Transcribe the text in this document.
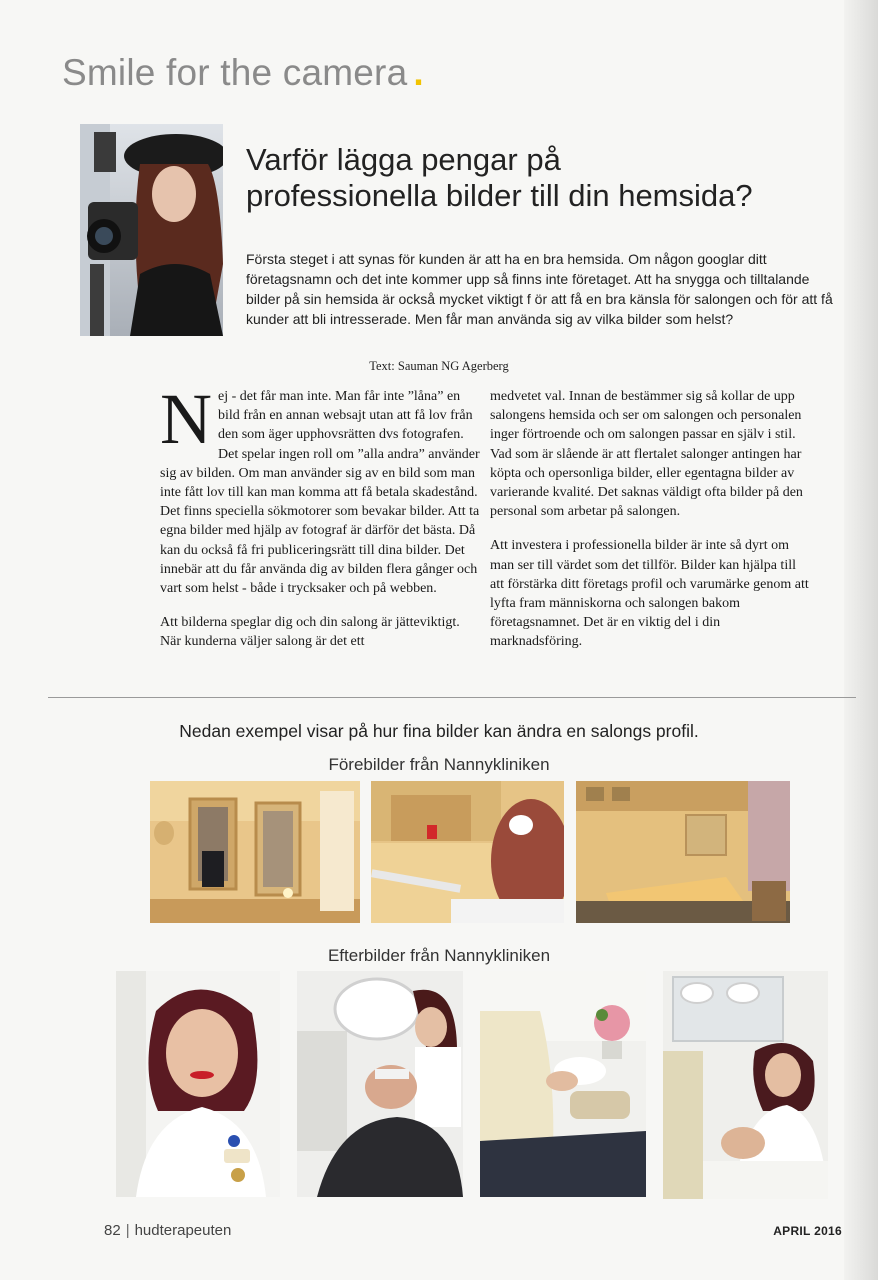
Smile for the camera .
Varför lägga pengar på
professionella bilder till din hemsida?

Första steget i att synas för kunden är att ha en bra hemsida. Om någon googlar ditt företagsnamn och det inte kommer upp så finns inte företaget. Att ha snygga och tilltalande bilder på sin hemsida är också mycket viktigt f ör att få en bra känsla för salongen och för att få kunder att bli intresserade. Men får man använda sig av vilka bilder som helst?

Text: Sauman NG Agerberg

Nej - det får man inte. Man får inte ”låna” en bild från en annan websajt utan att få lov från den som äger upphovsrätten dvs fotografen. Det spelar ingen roll om ”alla andra” använder sig av bilden. Om man använder sig av en bild som man inte fått lov till kan man komma att få betala skadestånd. Det finns speciella sökmotorer som bevakar bilder. Att ta egna bilder med hjälp av fotograf är därför det bästa. Då kan du också få fri publiceringsrätt till dina bilder. Det innebär att du får använda dig av bilden flera gånger och vart som helst - både i trycksaker och på webben.

Att bilderna speglar dig och din salong är jätteviktigt. När kunderna väljer salong är det ett

medvetet val. Innan de bestämmer sig så kollar de upp salongens hemsida och ser om salongen och personalen inger förtroende och om salongen passar en själv i stil. Vad som är slående är att flertalet salonger antingen har köpta och opersonliga bilder, eller egentagna bilder av varierande kvalité. Det saknas väldigt ofta bilder på den personal som arbetar på salongen.

Att investera i professionella bilder är inte så dyrt om man ser till värdet som det tillför. Bilder kan hjälpa till att förstärka ditt företags profil och varumärke genom att lyfta fram människorna och salongen bakom företagsnamnet. Det är en viktig del i din marknadsföring.

Nedan exempel visar på hur fina bilder kan ändra en salongs profil.

Förebilder från Nannykliniken

Efterbilder från Nannykliniken

82 | hudterapeuten	APRIL 2016
